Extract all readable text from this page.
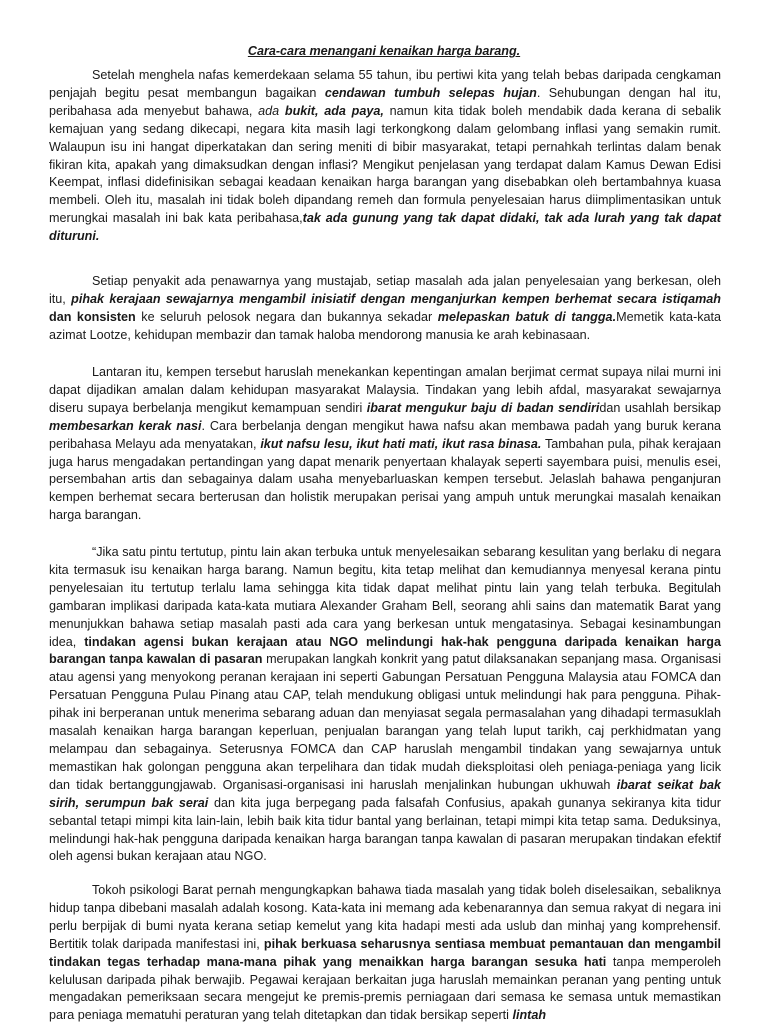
Cara-cara menangani kenaikan harga barang.

Setelah menghela nafas kemerdekaan selama 55 tahun, ibu pertiwi kita yang telah bebas daripada cengkaman penjajah begitu pesat membangun bagaikan cendawan tumbuh selepas hujan. Sehubungan dengan hal itu, peribahasa ada menyebut bahawa, ada bukit, ada paya, namun kita tidak boleh mendabik dada kerana di sebalik kemajuan yang sedang dikecapi, negara kita masih lagi terkongkong dalam gelombang inflasi yang semakin rumit. Walaupun isu ini hangat diperkatakan dan sering meniti di bibir masyarakat, tetapi pernahkah terlintas dalam benak fikiran kita, apakah yang dimaksudkan dengan inflasi? Mengikut penjelasan yang terdapat dalam Kamus Dewan Edisi Keempat, inflasi didefinisikan sebagai keadaan kenaikan harga barangan yang disebabkan oleh bertambahnya kuasa membeli. Oleh itu, masalah ini tidak boleh dipandang remeh dan formula penyelesaian harus diimplimentasikan untuk merungkai masalah ini bak kata peribahasa,tak ada gunung yang tak dapat didaki, tak ada lurah yang tak dapat dituruni.

Setiap penyakit ada penawarnya yang mustajab, setiap masalah ada jalan penyelesaian yang berkesan, oleh itu, pihak kerajaan sewajarnya mengambil inisiatif dengan menganjurkan kempen berhemat secara istiqamah dan konsisten ke seluruh pelosok negara dan bukannya sekadar melepaskan batuk di tangga.Memetik kata-kata azimat Lootze, kehidupan membazir dan tamak haloba mendorong manusia ke arah kebinasaan.

Lantaran itu, kempen tersebut haruslah menekankan kepentingan amalan berjimat cermat supaya nilai murni ini dapat dijadikan amalan dalam kehidupan masyarakat Malaysia. Tindakan yang lebih afdal, masyarakat sewajarnya diseru supaya berbelanja mengikut kemampuan sendiri ibarat mengukur baju di badan sendiridan usahlah bersikap membesarkan kerak nasi. Cara berbelanja dengan mengikut hawa nafsu akan membawa padah yang buruk kerana peribahasa Melayu ada menyatakan, ikut nafsu lesu, ikut hati mati, ikut rasa binasa. Tambahan pula, pihak kerajaan juga harus mengadakan pertandingan yang dapat menarik penyertaan khalayak seperti sayembara puisi, menulis esei, persembahan artis dan sebagainya dalam usaha menyebarluaskan kempen tersebut. Jelaslah bahawa penganjuran kempen berhemat secara berterusan dan holistik merupakan perisai yang ampuh untuk merungkai masalah kenaikan harga barangan.

“Jika satu pintu tertutup, pintu lain akan terbuka untuk menyelesaikan sebarang kesulitan yang berlaku di negara kita termasuk isu kenaikan harga barang. Namun begitu, kita tetap melihat dan kemudiannya menyesal kerana pintu penyelesaian itu tertutup terlalu lama sehingga kita tidak dapat melihat pintu lain yang telah terbuka. Begitulah gambaran implikasi daripada kata-kata mutiara Alexander Graham Bell, seorang ahli sains dan matematik Barat yang menunjukkan bahawa setiap masalah pasti ada cara yang berkesan untuk mengatasinya. Sebagai kesinambungan idea, tindakan agensi bukan kerajaan atau NGO melindungi hak-hak pengguna daripada kenaikan harga barangan tanpa kawalan di pasaran merupakan langkah konkrit yang patut dilaksanakan sepanjang masa. Organisasi atau agensi yang menyokong peranan kerajaan ini seperti Gabungan Persatuan Pengguna Malaysia atau FOMCA dan Persatuan Pengguna Pulau Pinang atau CAP, telah mendukung obligasi untuk melindungi hak para pengguna. Pihak-pihak ini berperanan untuk menerima sebarang aduan dan menyiasat segala permasalahan yang dihadapi termasuklah masalah kenaikan harga barangan keperluan, penjualan barangan yang telah luput tarikh, caj perkhidmatan yang melampau dan sebagainya. Seterusnya FOMCA dan CAP haruslah mengambil tindakan yang sewajarnya untuk memastikan hak golongan pengguna akan terpelihara dan tidak mudah dieksploitasi oleh peniaga-peniaga yang licik dan tidak bertanggungjawab. Organisasi-organisasi ini haruslah menjalinkan hubungan ukhuwah ibarat seikat bak sirih, serumpun bak serai dan kita juga berpegang pada falsafah Confusius, apakah gunanya sekiranya kita tidur sebantal tetapi mimpi kita lain-lain, lebih baik kita tidur bantal yang berlainan, tetapi mimpi kita tetap sama. Deduksinya, melindungi hak-hak pengguna daripada kenaikan harga barangan tanpa kawalan di pasaran merupakan tindakan efektif oleh agensi bukan kerajaan atau NGO.

Tokoh psikologi Barat pernah mengungkapkan bahawa tiada masalah yang tidak boleh diselesaikan, sebaliknya hidup tanpa dibebani masalah adalah kosong. Kata-kata ini memang ada kebenarannya dan semua rakyat di negara ini perlu berpijak di bumi nyata kerana setiap kemelut yang kita hadapi mesti ada uslub dan minhaj yang komprehensif. Bertitik tolak daripada manifestasi ini, pihak berkuasa seharusnya sentiasa membuat pemantauan dan mengambil tindakan tegas terhadap mana-mana pihak yang menaikkan harga barangan sesuka hati tanpa memperoleh kelulusan daripada pihak berwajib. Pegawai kerajaan berkaitan juga haruslah memainkan peranan yang penting untuk mengadakan pemeriksaan secara mengejut ke premis-premis perniagaan dari semasa ke semasa untuk memastikan para peniaga mematuhi peraturan yang telah ditetapkan dan tidak bersikap seperti lintah
